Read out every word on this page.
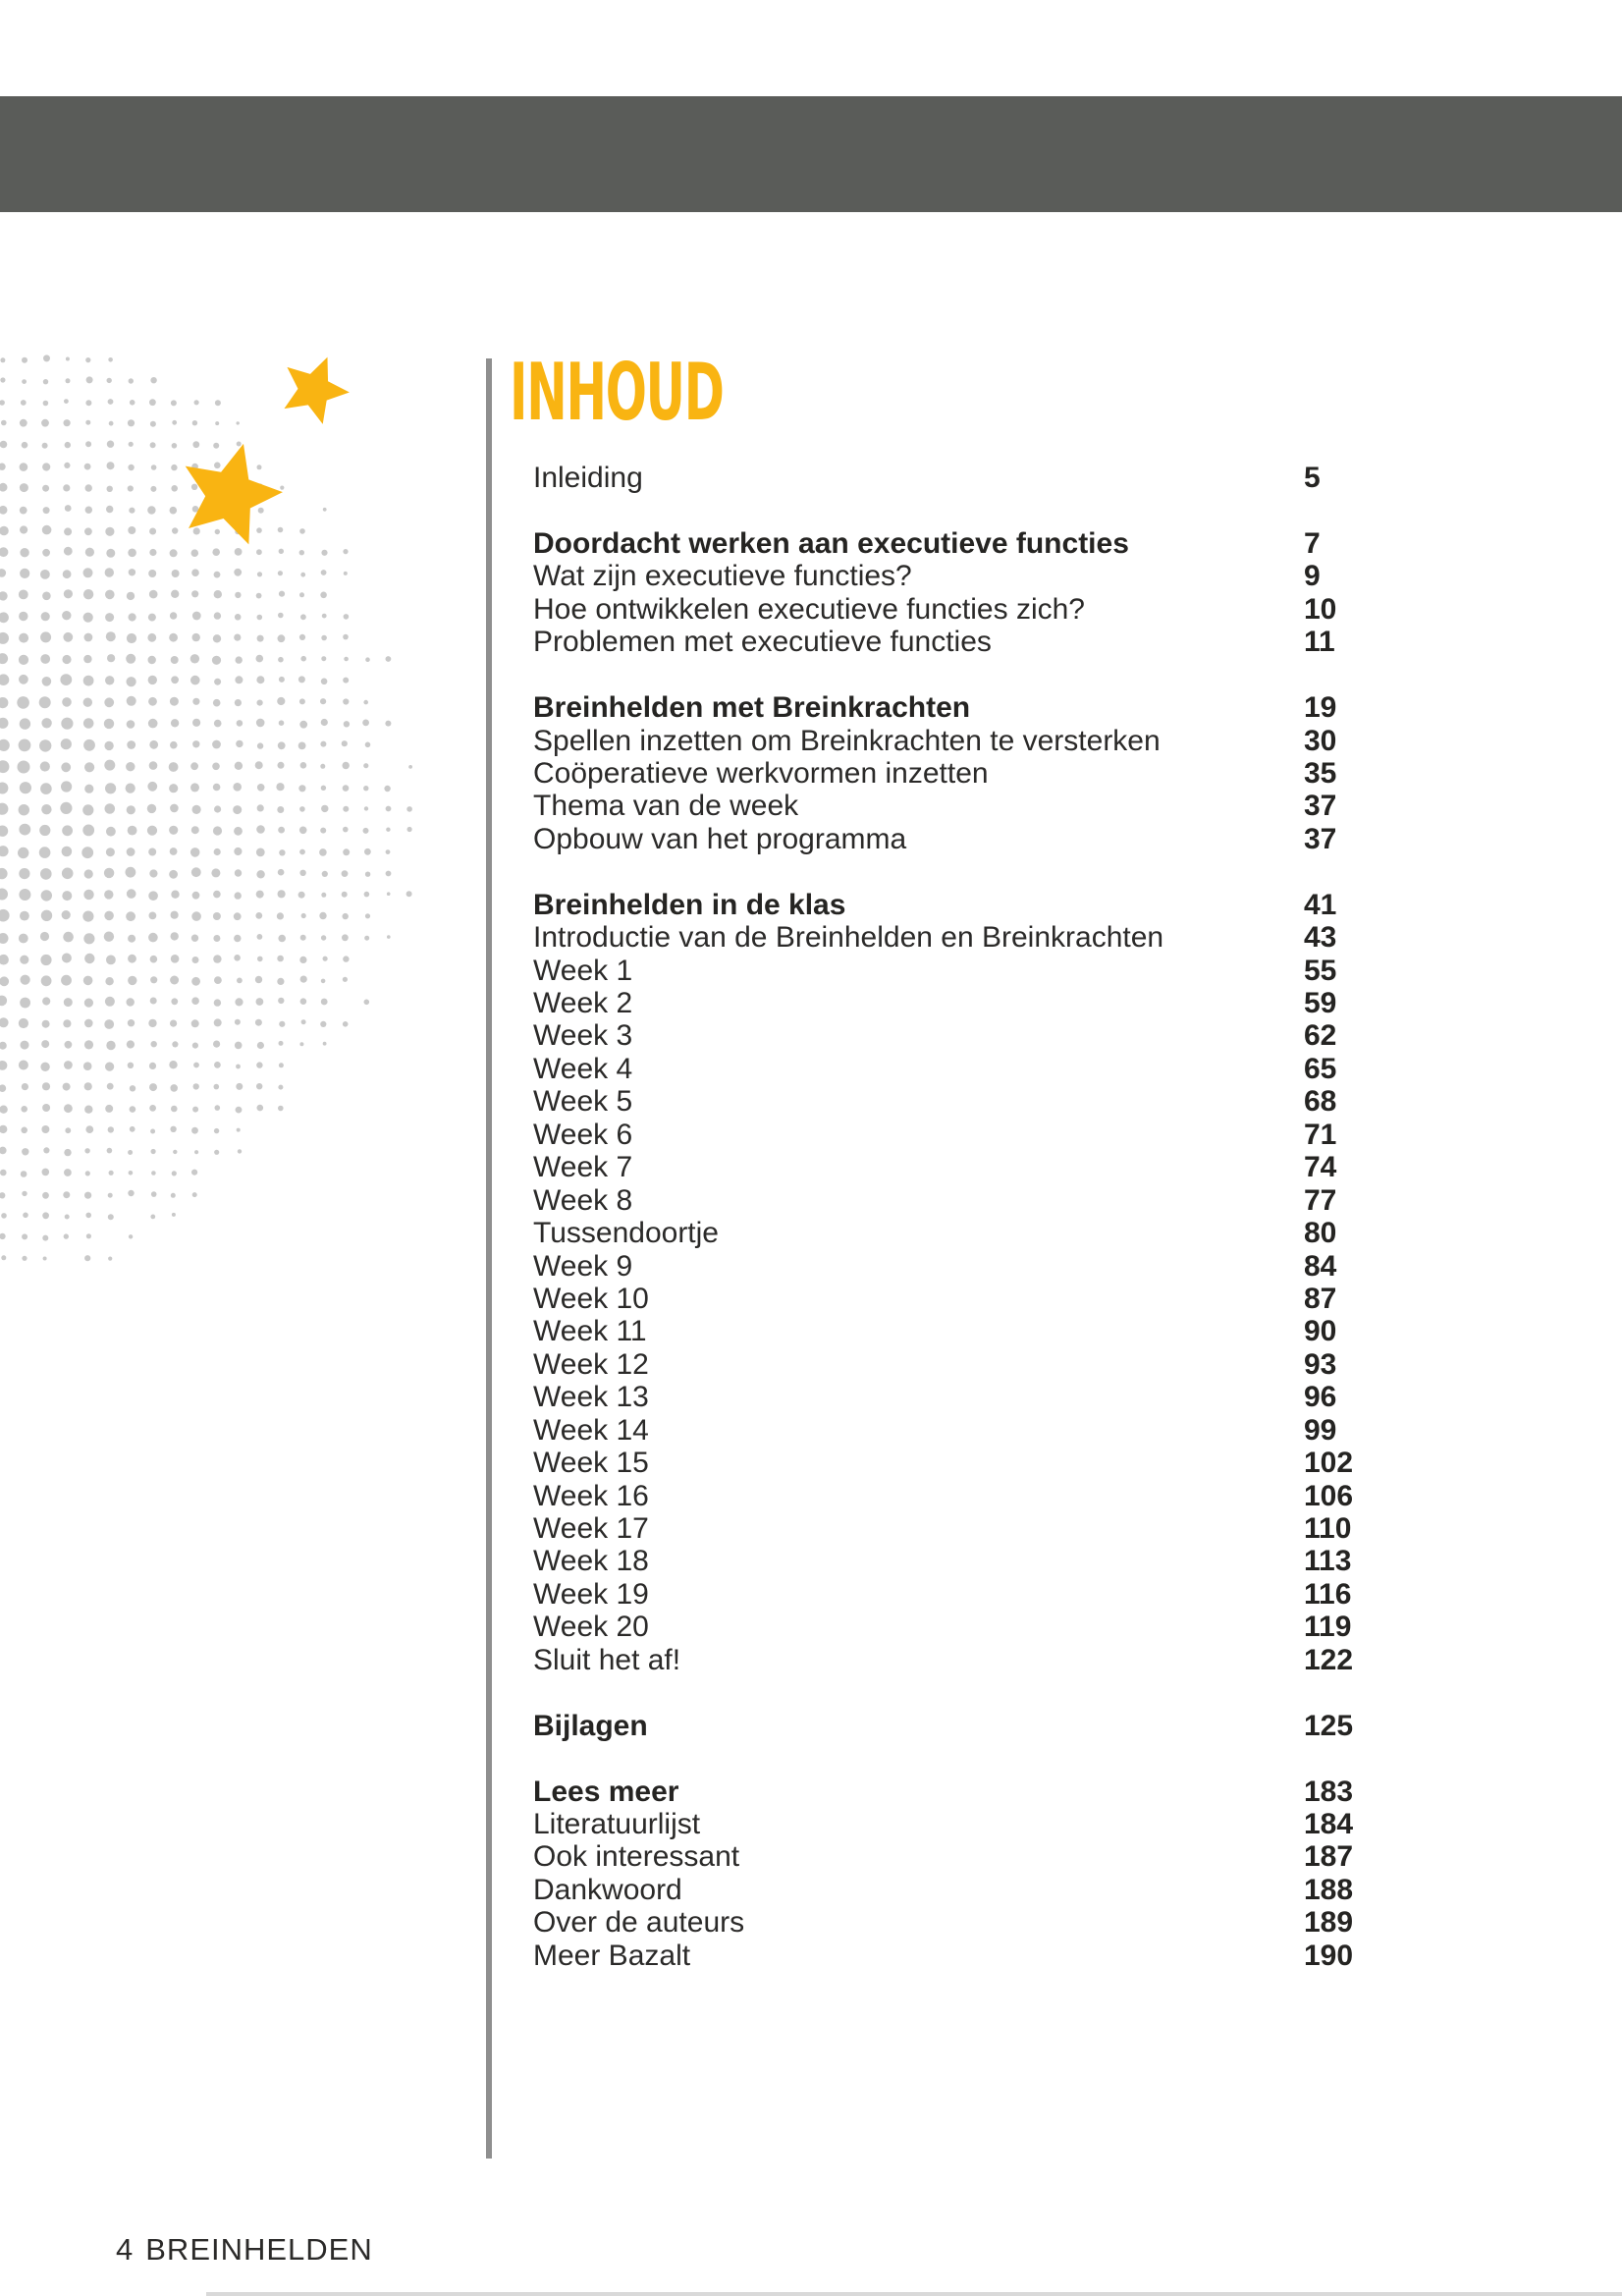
INHOUD
Inleiding	5
Doordacht werken aan executieve functies	7
Wat zijn executieve functies?	9
Hoe ontwikkelen executieve functies zich?	10
Problemen met executieve functies	11
Breinhelden met Breinkrachten	19
Spellen inzetten om Breinkrachten te versterken	30
Coöperatieve werkvormen inzetten	35
Thema van de week	37
Opbouw van het programma	37
Breinhelden in de klas	41
Introductie van de Breinhelden en Breinkrachten	43
Week 1	55
Week 2	59
Week 3	62
Week 4	65
Week 5	68
Week 6	71
Week 7	74
Week 8	77
Tussendoortje	80
Week 9	84
Week 10	87
Week 11	90
Week 12	93
Week 13	96
Week 14	99
Week 15	102
Week 16	106
Week 17	110
Week 18	113
Week 19	116
Week 20	119
Sluit het af!	122
Bijlagen	125
Lees meer	183
Literatuurlijst	184
Ook interessant	187
Dankwoord	188
Over de auteurs	189
Meer Bazalt	190
4 BREINHELDEN
